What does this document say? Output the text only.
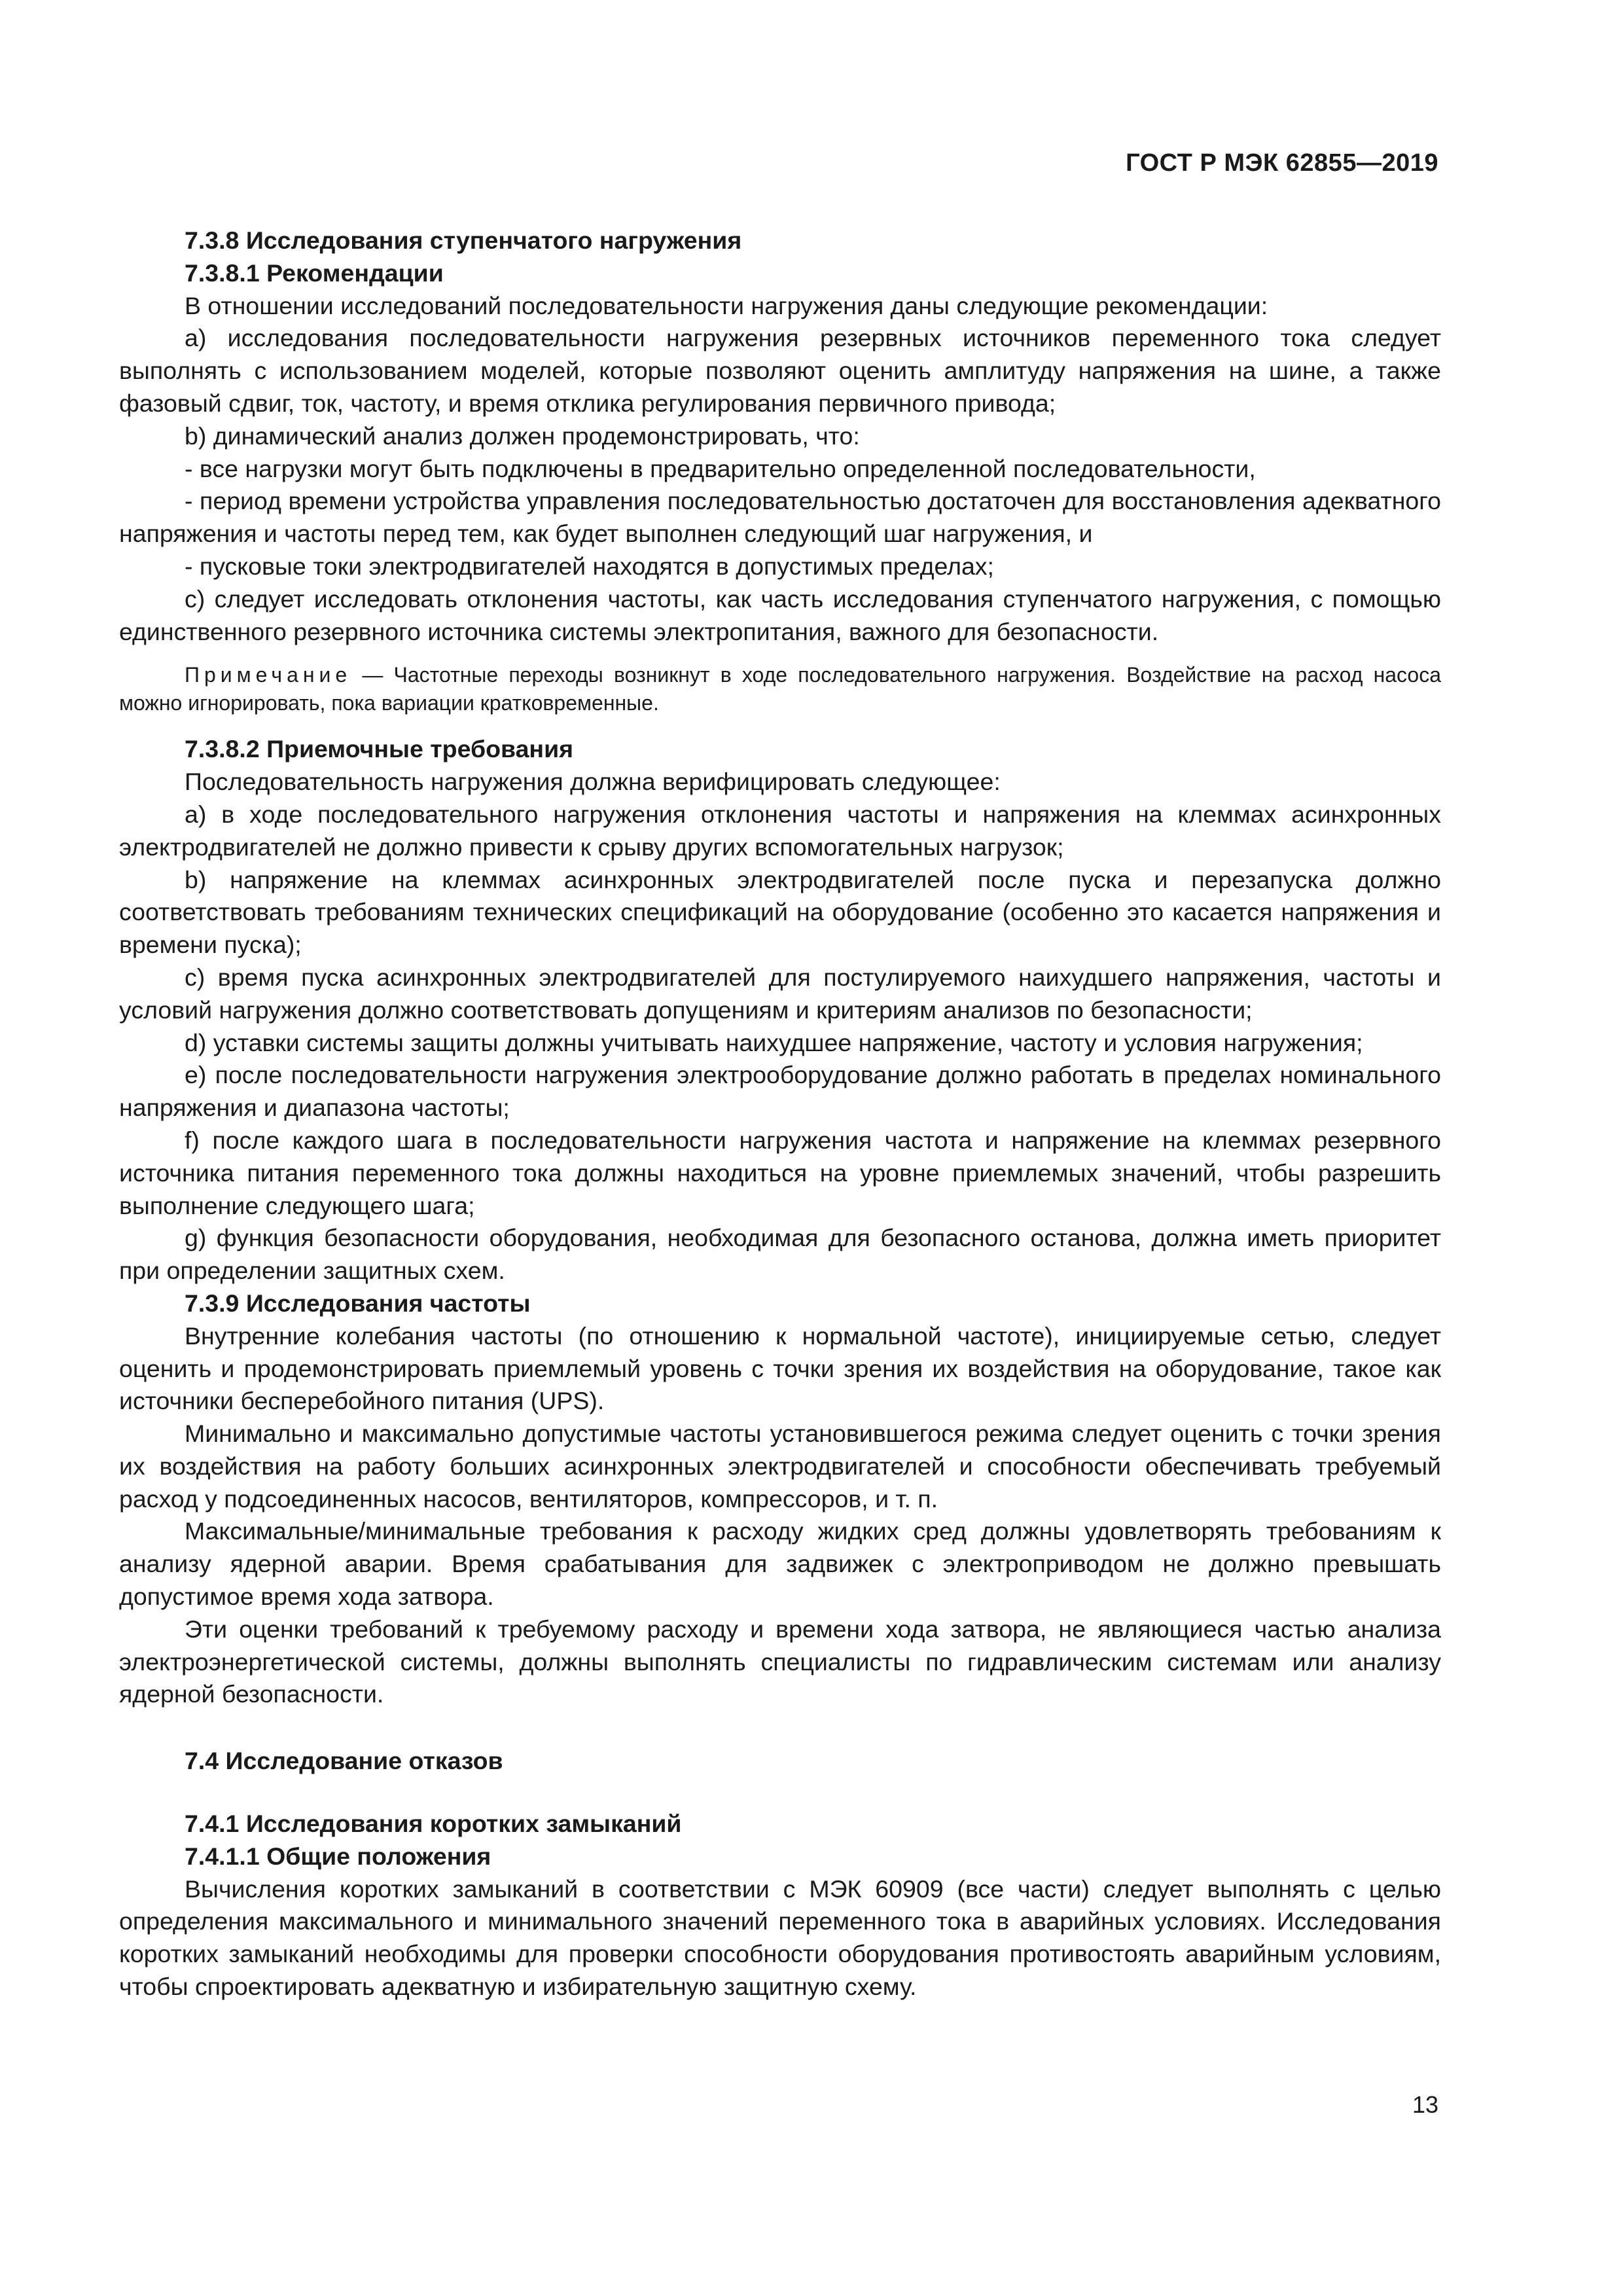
ГОСТ Р МЭК 62855—2019

7.3.8 Исследования ступенчатого нагружения

7.3.8.1 Рекомендации

В отношении исследований последовательности нагружения даны следующие рекомендации:

а) исследования последовательности нагружения резервных источников переменного тока следует выполнять с использованием моделей, которые позволяют оценить амплитуду напряжения на шине, а также фазовый сдвиг, ток, частоту, и время отклика регулирования первичного привода;

b) динамический анализ должен продемонстрировать, что:

- все нагрузки могут быть подключены в предварительно определенной последовательности,

- период времени устройства управления последовательностью достаточен для восстановления адекватного напряжения и частоты перед тем, как будет выполнен следующий шаг нагружения, и

- пусковые токи электродвигателей находятся в допустимых пределах;

с) следует исследовать отклонения частоты, как часть исследования ступенчатого нагружения, с помощью единственного резервного источника системы электропитания, важного для безопасности.

Примечание — Частотные переходы возникнут в ходе последовательного нагружения. Воздействие на расход насоса можно игнорировать, пока вариации кратковременные.

7.3.8.2 Приемочные требования

Последовательность нагружения должна верифицировать следующее:

а) в ходе последовательного нагружения отклонения частоты и напряжения на клеммах асинхронных электродвигателей не должно привести к срыву других вспомогательных нагрузок;

b) напряжение на клеммах асинхронных электродвигателей после пуска и перезапуска должно соответствовать требованиям технических спецификаций на оборудование (особенно это касается напряжения и времени пуска);

с) время пуска асинхронных электродвигателей для постулируемого наихудшего напряжения, частоты и условий нагружения должно соответствовать допущениям и критериям анализов по безопасности;

d) уставки системы защиты должны учитывать наихудшее напряжение, частоту и условия нагружения;

е) после последовательности нагружения электрооборудование должно работать в пределах номинального напряжения и диапазона частоты;

f) после каждого шага в последовательности нагружения частота и напряжение на клеммах резервного источника питания переменного тока должны находиться на уровне приемлемых значений, чтобы разрешить выполнение следующего шага;

g) функция безопасности оборудования, необходимая для безопасного останова, должна иметь приоритет при определении защитных схем.

7.3.9 Исследования частоты

Внутренние колебания частоты (по отношению к нормальной частоте), инициируемые сетью, следует оценить и продемонстрировать приемлемый уровень с точки зрения их воздействия на оборудование, такое как источники бесперебойного питания (UPS).

Минимально и максимально допустимые частоты установившегося режима следует оценить с точки зрения их воздействия на работу больших асинхронных электродвигателей и способности обеспечивать требуемый расход у подсоединенных насосов, вентиляторов, компрессоров, и т. п.

Максимальные/минимальные требования к расходу жидких сред должны удовлетворять требованиям к анализу ядерной аварии. Время срабатывания для задвижек с электроприводом не должно превышать допустимое время хода затвора.

Эти оценки требований к требуемому расходу и времени хода затвора, не являющиеся частью анализа электроэнергетической системы, должны выполнять специалисты по гидравлическим системам или анализу ядерной безопасности.

7.4 Исследование отказов

7.4.1 Исследования коротких замыканий

7.4.1.1 Общие положения

Вычисления коротких замыканий в соответствии с МЭК 60909 (все части) следует выполнять с целью определения максимального и минимального значений переменного тока в аварийных условиях. Исследования коротких замыканий необходимы для проверки способности оборудования противостоять аварийным условиям, чтобы спроектировать адекватную и избирательную защитную схему.

13
